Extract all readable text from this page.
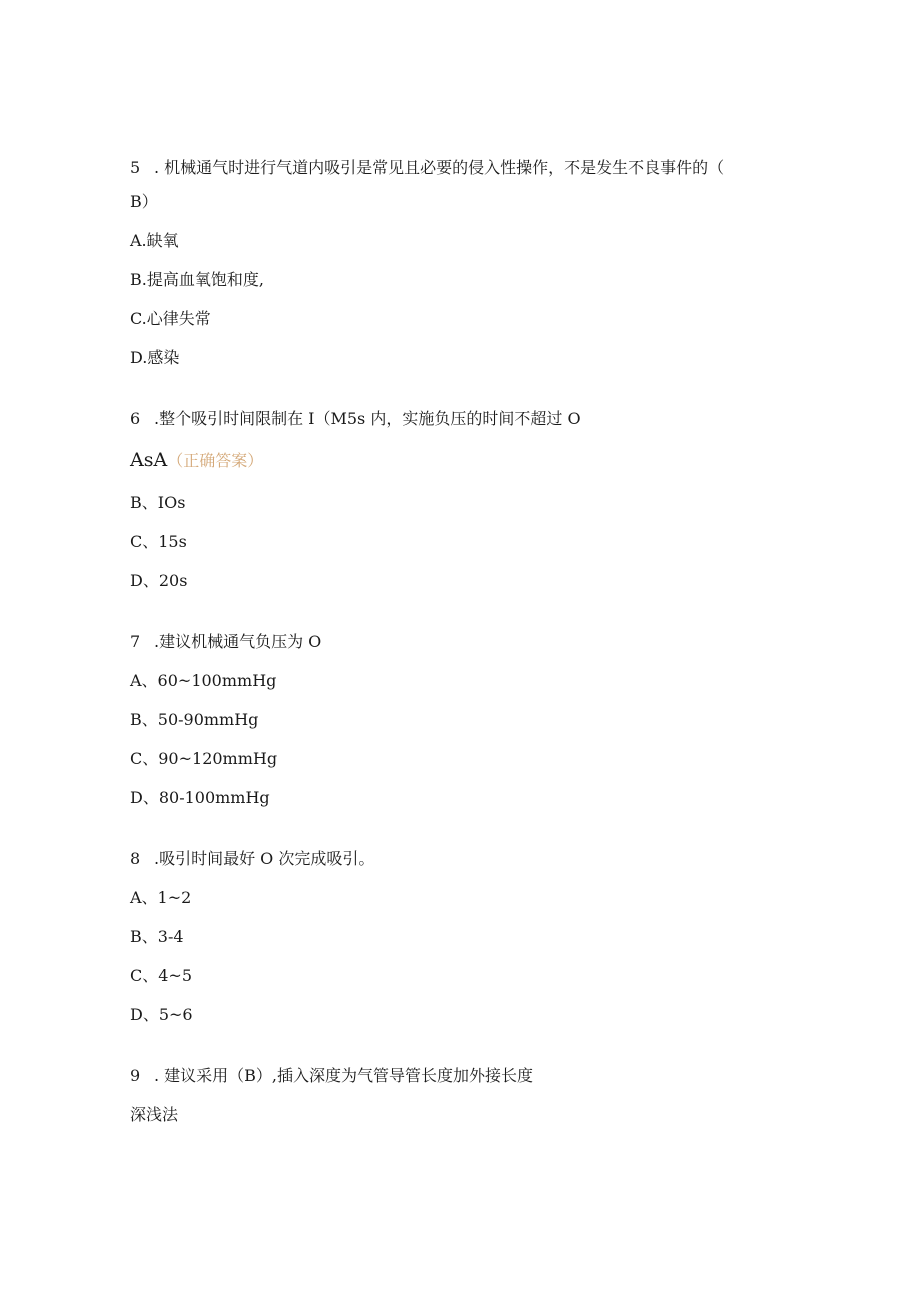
5 . 机械通气时进行气道内吸引是常见且必要的侵入性操作，不是发生不良事件的（
B）
A.缺氧
B.提高血氧饱和度,
C.心律失常
D.感染
6 .整个吸引时间限制在 I（M5s 内，实施负压的时间不超过 O
AsA（正确答案）
B、IOs
C、15s
D、20s
7 .建议机械通气负压为 O
A、60~100mmHg
B、50-90mmHg
C、90~120mmHg
D、80-100mmHg
8 .吸引时间最好 O 次完成吸引。
A、1~2
B、3-4
C、4~5
D、5~6
9 . 建议采用（B）,插入深度为气管导管长度加外接长度
深浅法
